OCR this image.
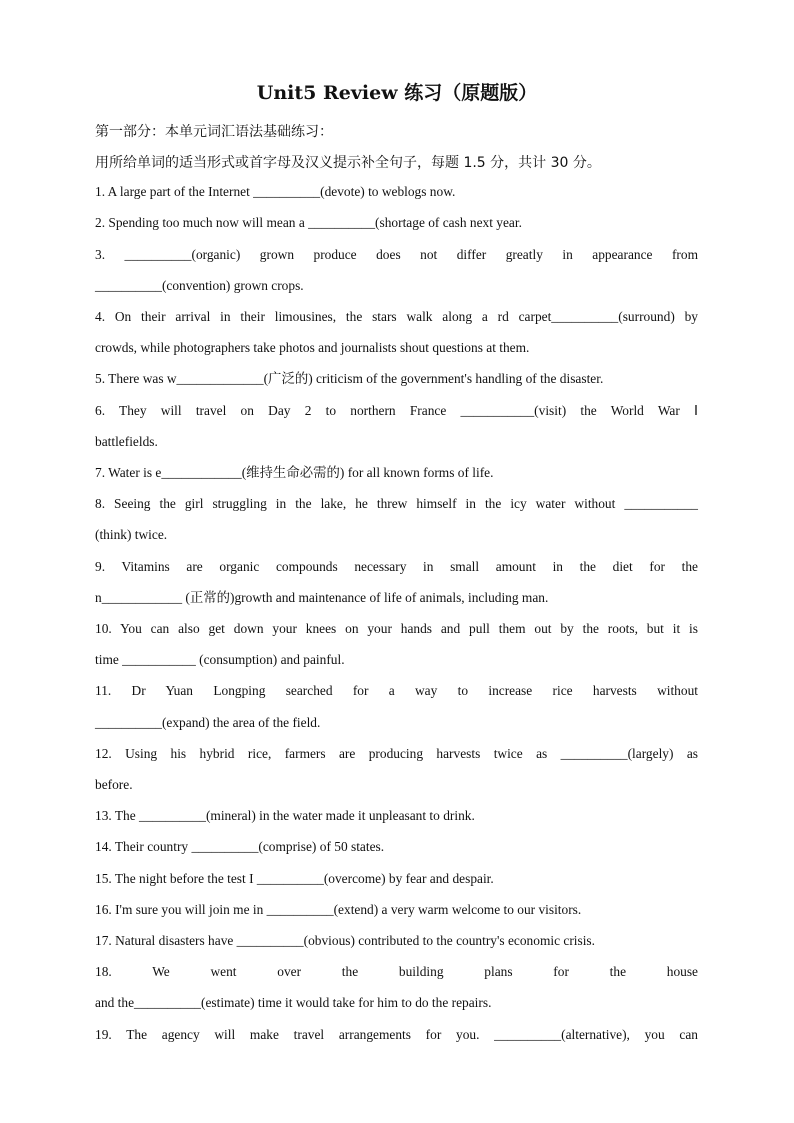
Unit5 Review 练习（原题版）
第一部分：本单元词汇语法基础练习：
用所给单词的适当形式或首字母及汉义提示补全句子，每题 1.5 分，共计 30 分。
1. A large part of the Internet __________(devote) to weblogs now.
2. Spending too much now will mean a __________(shortage of cash next year.
3. __________(organic) grown produce does not differ greatly in appearance from
__________(convention) grown crops.
4. On their arrival in their limousines, the stars walk along a rd carpet__________(surround) by
crowds, while photographers take photos and journalists shout questions at them.
5. There was w_____________(广泛的) criticism of the government's handling of the disaster.
6. They will travel on Day 2 to northern France ___________(visit) the World War Ⅰ
battlefields.
7. Water is e____________(维持生命必需的) for all known forms of life.
8. Seeing the girl struggling in the lake, he threw himself in the icy water without ___________
(think) twice.
9. Vitamins are organic compounds necessary in small amount in the diet for the
n____________ (正常的)growth and maintenance of life of animals, including man.
10. You can also get down your knees on your hands and pull them out by the roots, but it is
time ___________ (consumption) and painful.
11. Dr Yuan Longping searched for a way to increase rice harvests without
__________(expand) the area of the field.
12. Using his hybrid rice, farmers are producing harvests twice as __________(largely) as
before.
13. The __________(mineral) in the water made it unpleasant to drink.
14. Their country __________(comprise) of 50 states.
15. The night before the test I __________(overcome) by fear and despair.
16. I'm sure you will join me in __________(extend) a very warm welcome to our visitors.
17. Natural disasters have __________(obvious) contributed to the country's economic crisis.
18. We went over the building plans for the house
and the__________(estimate) time it would take for him to do the repairs.
19. The agency will make travel arrangements for you. __________(alternative), you can
